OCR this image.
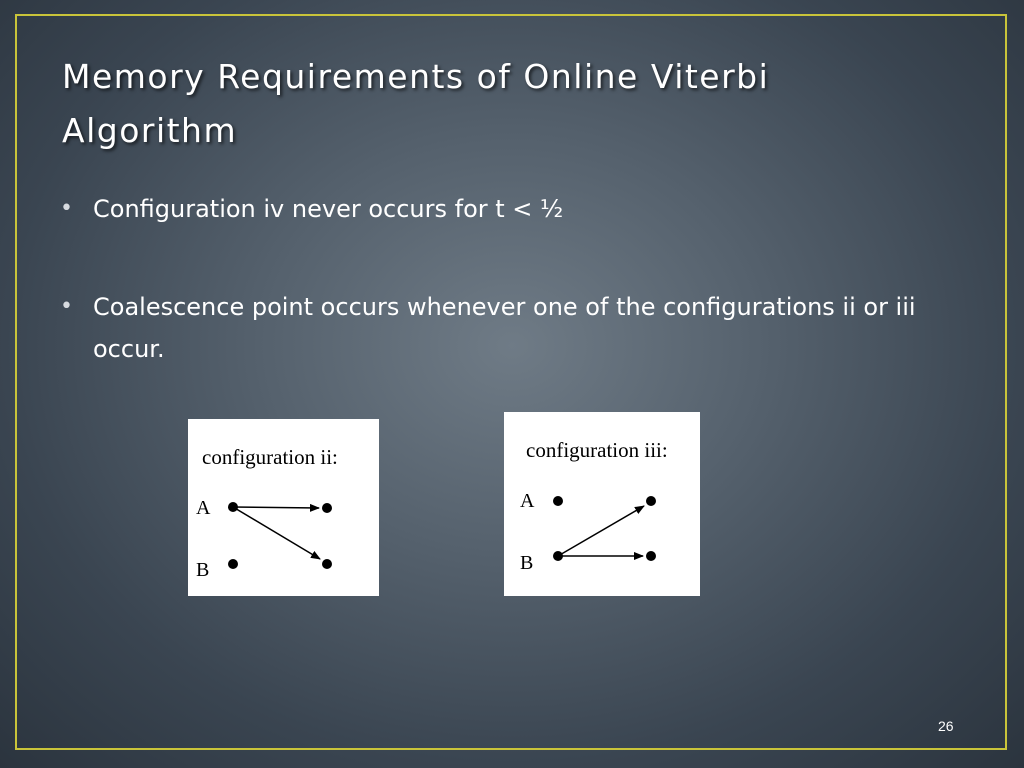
Memory Requirements of Online Viterbi Algorithm
• Configuration iv never occurs for t < ½
• Coalescence point occurs whenever one of the configurations ii or iii occur.
configuration ii:
A
B
configuration iii:
A
B
26
